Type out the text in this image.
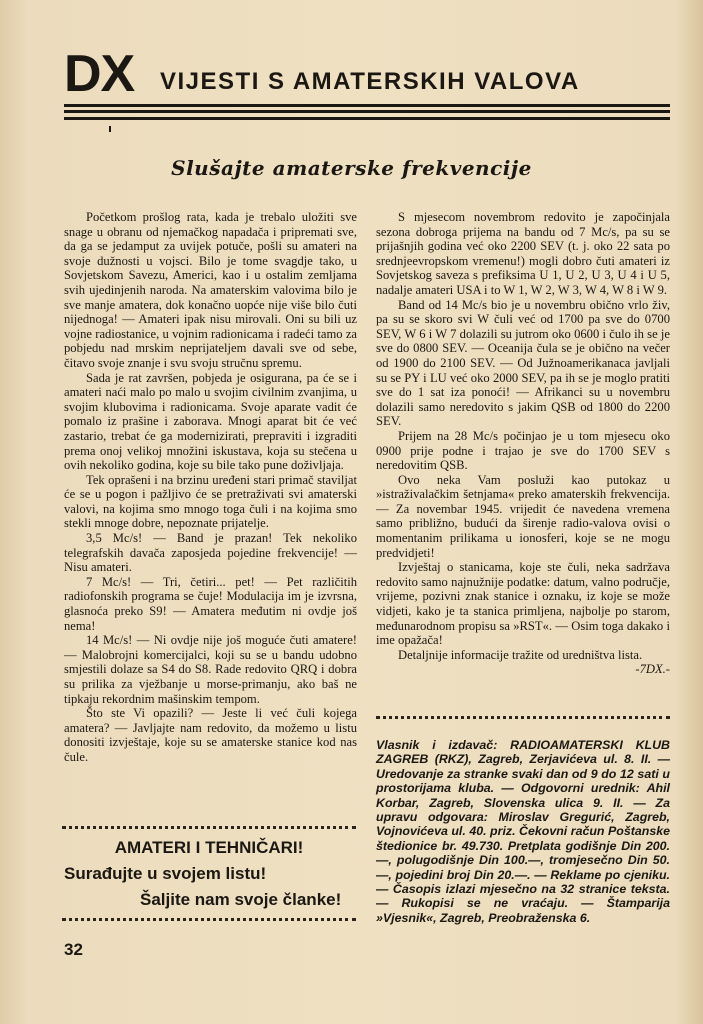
DX VIJESTI S AMATERSKIH VALOVA
Slušajte amaterske frekvencije

Početkom prošlog rata, kada je trebalo uložiti sve snage u obranu od njemačkog napadača i pripremati sve, da ga se jedamput za uvijek potuče, pošli su amateri na svoje dužnosti u vojsci. Bilo je tome svagdje tako, u Sovjetskom Savezu, Americi, kao i u ostalim zemljama svih ujedinjenih naroda. Na amaterskim valovima bilo je sve manje amatera, dok konačno uopće nije više bilo čuti nijednoga! — Amateri ipak nisu mirovali. Oni su bili uz vojne radiostanice, u vojnim radionicama i radeći tamo za pobjedu nad mrskim neprijateljem davali sve od sebe, čitavo svoje znanje i svu svoju stručnu spremu.

Sada je rat završen, pobjeda je osigurana, pa će se i amateri naći malo po malo u svojim civilnim zvanjima, u svojim klubovima i radionicama. Svoje aparate vadit će pomalo iz prašine i zaborava. Mnogi aparat bit će već zastario, trebat će ga modernizirati, prepraviti i izgraditi prema onoj velikoj množini iskustava, koja su stečena u ovih nekoliko godina, koje su bile tako pune doživljaja.

Tek oprašeni i na brzinu uređeni stari primač staviljat će se u pogon i pažljivo će se pretraživati svi amaterski valovi, na kojima smo mnogo toga čuli i na kojima smo stekli mnoge dobre, nepoznate prijatelje.

3,5 Mc/s! — Band je prazan! Tek nekoliko telegrafskih davača zaposjeda pojedine frekvencije! — Nisu amateri.

7 Mc/s! — Tri, četiri... pet! — Pet različitih radiofonskih programa se čuje! Modulacija im je izvrsna, glasnoća preko S9! — Amatera međutim ni ovdje još nema!

14 Mc/s! — Ni ovdje nije još moguće čuti amatere! — Malobrojni komercijalci, koji su se u bandu udobno smjestili dolaze sa S4 do S8. Rade redovito QRQ i dobra su prilika za vježbanje u morse-primanju, ako baš ne tipkaju rekordnim mašinskim tempom.

Što ste Vi opazili? — Jeste li već čuli kojega amatera? — Javljajte nam redovito, da možemo u listu donositi izvještaje, koje su se amaterske stanice kod nas čule.

AMATERI I TEHNIČARI!
Surađujte u svojem listu!
Šaljite nam svoje članke!

S mjesecom novembrom redovito je započinjala sezona dobroga prijema na bandu od 7 Mc/s, pa su se prijašnjih godina već oko 2200 SEV (t. j. oko 22 sata po srednjeevropskom vremenu!) mogli dobro čuti amateri iz Sovjetskog saveza s prefiksima U 1, U 2, U 3, U 4 i U 5, nadalje amateri USA i to W 1, W 2, W 3, W 4, W 8 i W 9.

Band od 14 Mc/s bio je u novembru obično vrlo živ, pa su se skoro svi W čuli već od 1700 pa sve do 0700 SEV, W 6 i W 7 dolazili su jutrom oko 0600 i čulo ih se je sve do 0800 SEV. — Oceanija čula se je obično na večer od 1900 do 2100 SEV. — Od Južnoamerikanaca javljali su se PY i LU već oko 2000 SEV, pa ih se je moglo pratiti sve do 1 sat iza ponoći! — Afrikanci su u novembru dolazili samo neredovito s jakim QSB od 1800 do 2200 SEV.

Prijem na 28 Mc/s počinjao je u tom mjesecu oko 0900 prije podne i trajao je sve do 1700 SEV s neredovitim QSB.

Ovo neka Vam posluži kao putokaz u »istraživalačkim šetnjama« preko amaterskih frekvencija. — Za novembar 1945. vrijedit će navedena vremena samo približno, budući da širenje radio-valova ovisi o momentanim prilikama u ionosferi, koje se ne mogu predvidjeti!

Izvještaj o stanicama, koje ste čuli, neka sadržava redovito samo najnužnije podatke: datum, valno područje, vrijeme, pozivni znak stanice i oznaku, iz koje se može vidjeti, kako je ta stanica primljena, najbolje po starom, međunarodnom propisu sa »RST«. — Osim toga dakako i ime opažača!

Detaljnije informacije tražite od uredništva lista.

-7DX.-
Vlasnik i izdavač: RADIOAMATERSKI KLUB ZAGREB (RKZ), Zagreb, Zerjavićeva ul. 8. II. — Uredovanje za stranke svaki dan od 9 do 12 sati u prostorijama kluba. — Odgovorni urednik: Ahil Korbar, Zagreb, Slovenska ulica 9. II. — Za upravu odgovara: Miroslav Gregurić, Zagreb, Vojnovićeva ul. 40. priz. Čekovni račun Poštanske štedionice br. 49.730. Pretplata godišnje Din 200.—, polugodišnje Din 100.—, tromjesečno Din 50.—, pojedini broj Din 20.—. — Reklame po cjeniku. — Časopis izlazi mjesečno na 32 stranice teksta. — Rukopisi se ne vraćaju. — Štamparija »Vjesnik«, Zagreb, Preobraženska 6.
32
